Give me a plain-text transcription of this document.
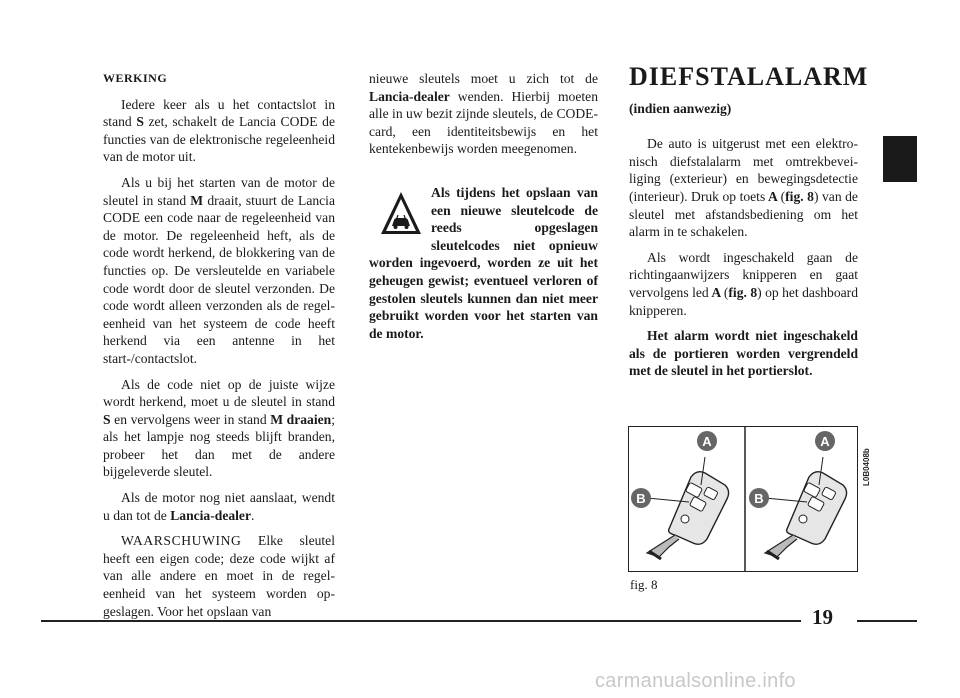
WERKING

Iedere keer als u het contactslot in stand S zet, schakelt de Lancia CODE de functies van de elektronische regeleenheid van de motor uit.

Als u bij het starten van de motor de sleutel in stand M draait, stuurt de Lancia CODE een code naar de regeleenheid van de motor. De regeleenheid heft, als de code wordt herkend, de blokkering van de functies op. De versleutelde en variabele code wordt door de sleutel verzonden. De code wordt alleen verzonden als de regeleenheid van het systeem de code heeft herkend via een antenne in het start-/contactslot.

Als de code niet op de juiste wijze wordt herkend, moet u de sleutel in stand S en vervolgens weer in stand M draaien; als het lampje nog steeds blijft branden, probeer het dan met de andere bijgeleverde sleutel.

Als de motor nog niet aanslaat, wendt u dan tot de Lancia-dealer.

WAARSCHUWING Elke sleutel heeft een eigen code; deze code wijkt af van alle andere en moet in de regeleenheid van het systeem worden opgeslagen. Voor het opslaan van

nieuwe sleutels moet u zich tot de Lancia-dealer wenden. Hierbij moeten alle in uw bezit zijnde sleutels, de CODE-card, een identiteitsbewijs en het kentekenbewijs worden meegenomen.

Als tijdens het opslaan van een nieuwe sleutelcode de reeds opgeslagen sleutelcodes niet opnieuw worden ingevoerd, worden ze uit het geheugen gewist; eventueel verloren of gestolen sleutels kunnen dan niet meer gebruikt worden voor het starten van de motor.

DIEFSTALALARM
(indien aanwezig)

De auto is uitgerust met een elektronisch diefstalalarm met omtrekbeveiliging (exterieur) en bewegingsdetectie (interieur). Druk op toets A (fig. 8) van de sleutel met afstandsbediening om het alarm in te schakelen.

Als wordt ingeschakeld gaan de richtingaanwijzers knipperen en gaat vervolgens led A (fig. 8) op het dashboard knipperen.

Het alarm wordt niet ingeschakeld als de portieren worden vergrendeld met de sleutel in het portierslot.

A
B
A
B
L0B0408b
fig. 8
19
carmanualsonline.info
